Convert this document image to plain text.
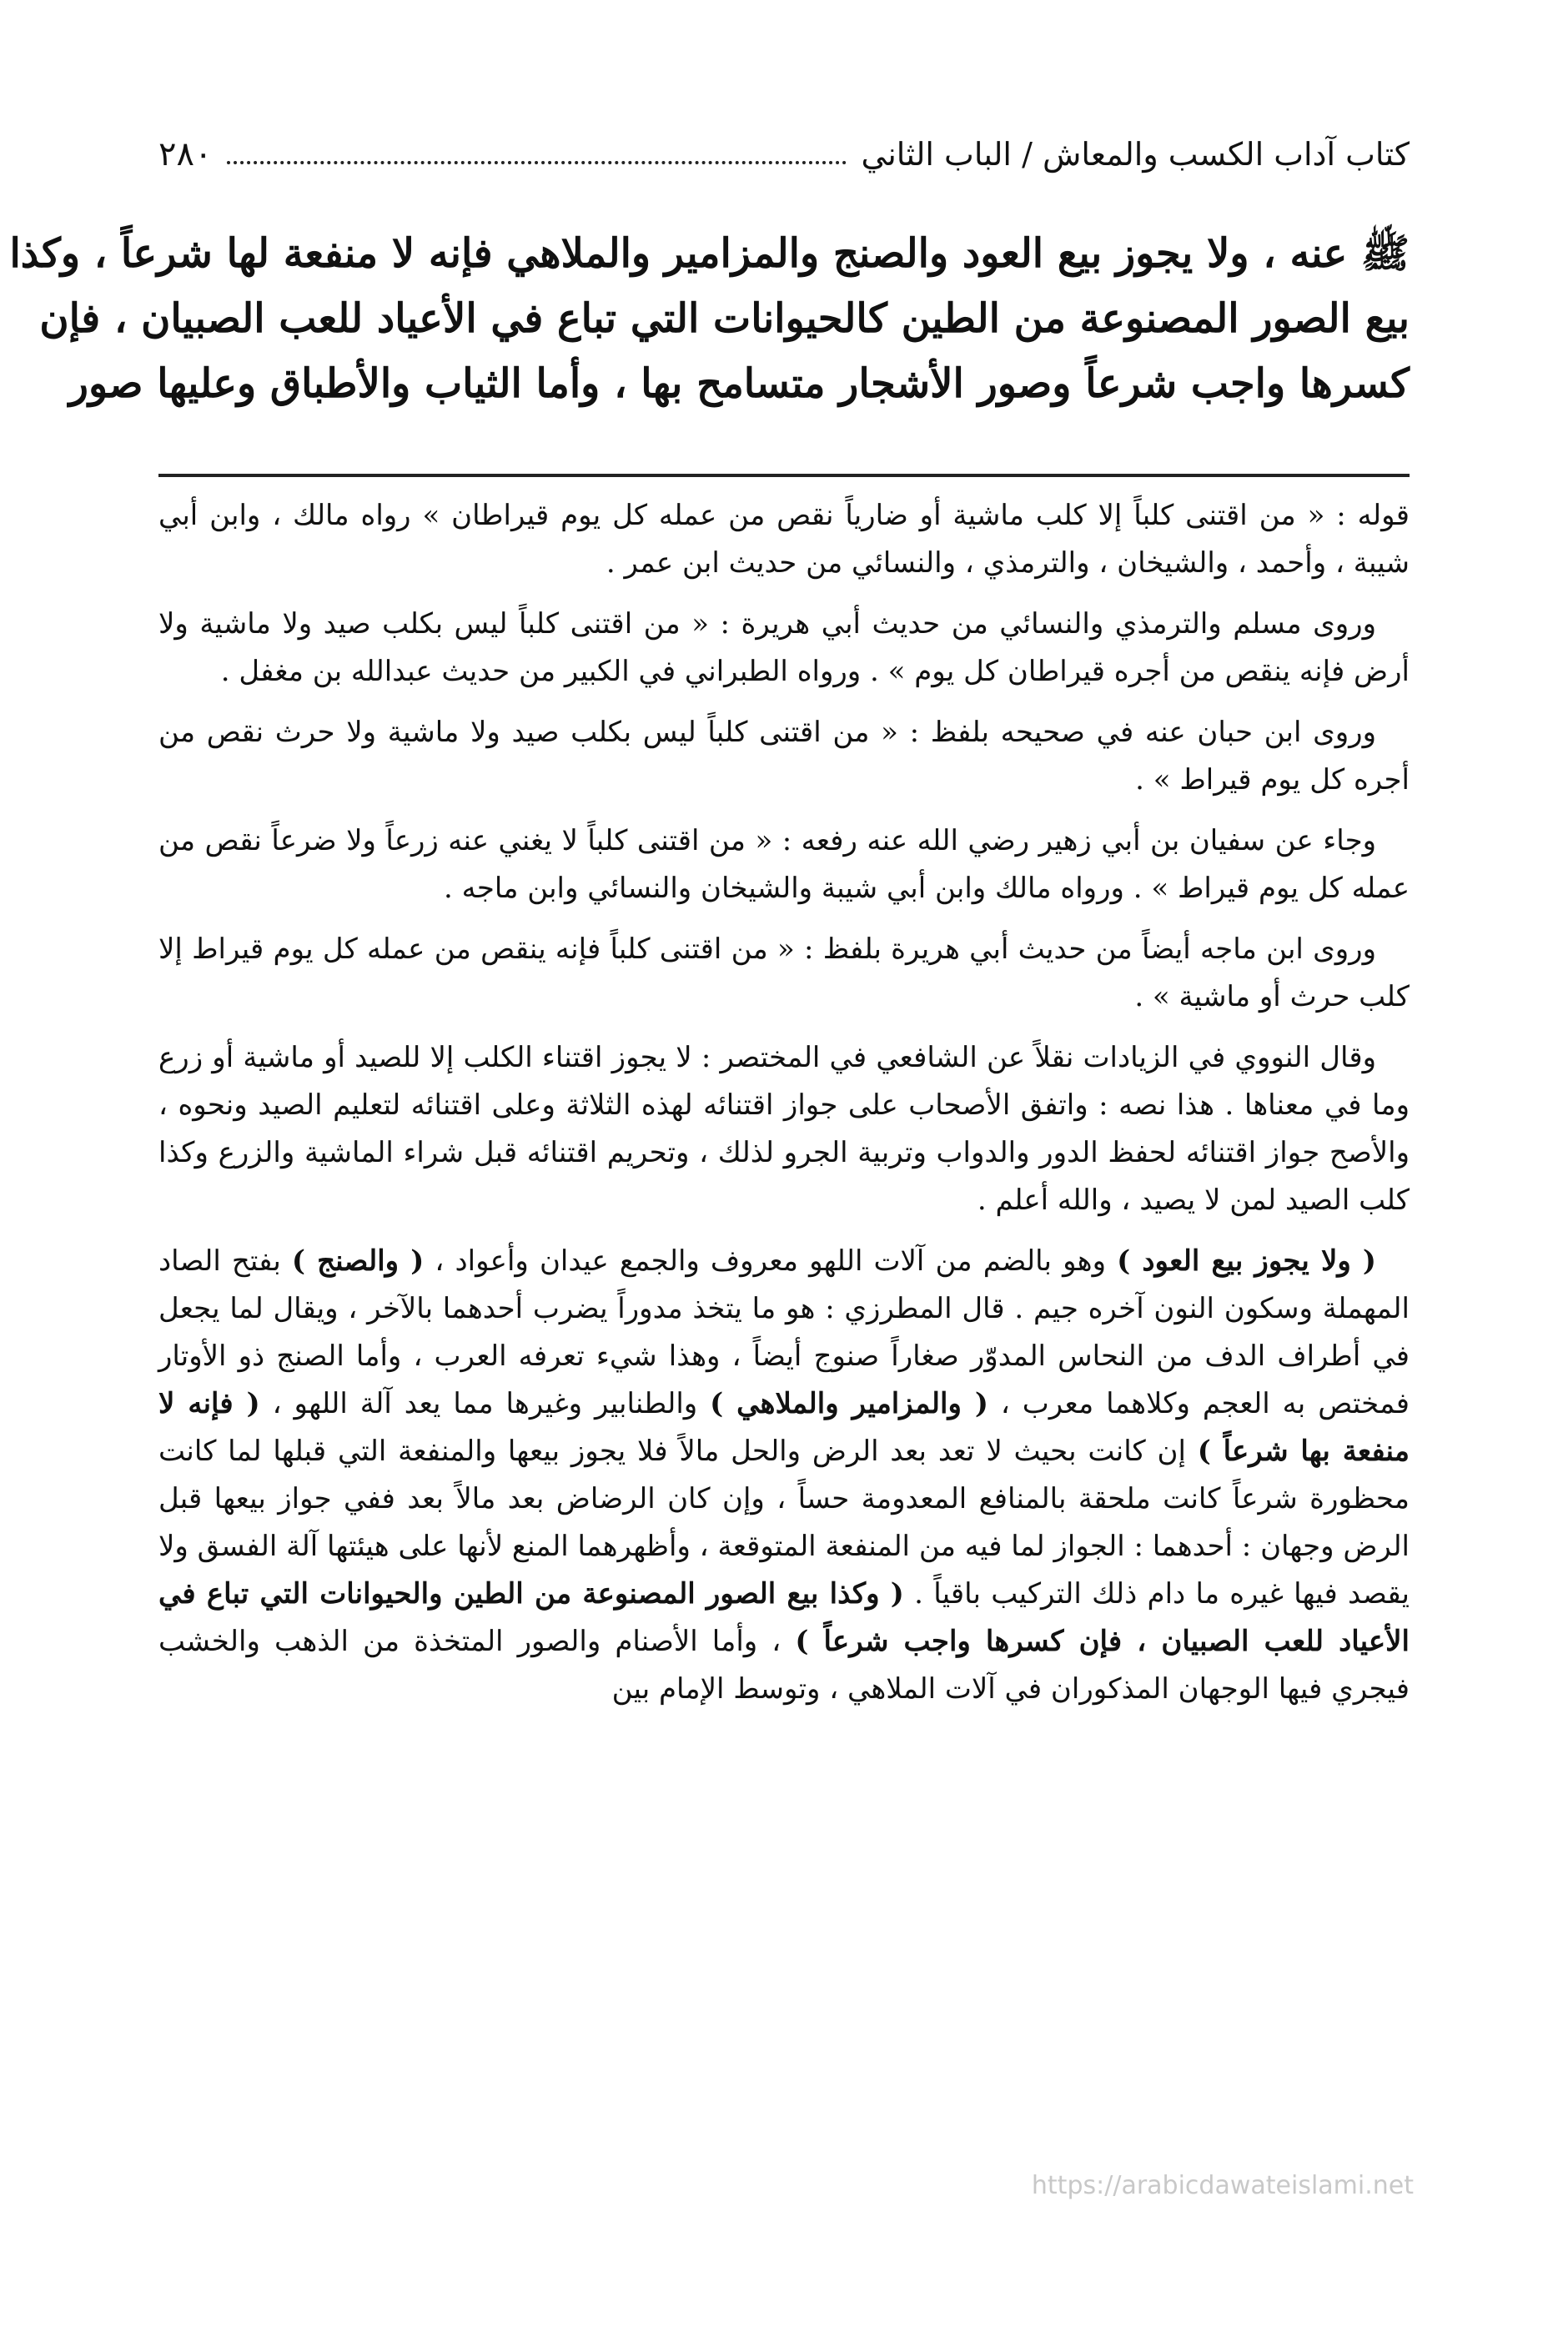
٢٨٠	كتاب آداب الكسب والمعاش / الباب الثاني
ﷺ عنه ، ولا يجوز بيع العود والصنج والمزامير والملاهي فإنه لا منفعة لها شرعاً ، وكذا
بيع الصور المصنوعة من الطين كالحيوانات التي تباع في الأعياد للعب الصبيان ، فإن
كسرها واجب شرعاً وصور الأشجار متسامح بها ، وأما الثياب والأطباق وعليها صور

قوله : « من اقتنى كلباً إلا كلب ماشية أو ضارياً نقص من عمله كل يوم قيراطان » رواه مالك ، وابن أبي شيبة ، وأحمد ، والشيخان ، والترمذي ، والنسائي من حديث ابن عمر .

وروى مسلم والترمذي والنسائي من حديث أبي هريرة : « من اقتنى كلباً ليس بكلب صيد ولا ماشية ولا أرض فإنه ينقص من أجره قيراطان كل يوم » . ورواه الطبراني في الكبير من حديث عبدالله بن مغفل .

وروى ابن حبان عنه في صحيحه بلفظ : « من اقتنى كلباً ليس بكلب صيد ولا ماشية ولا حرث نقص من أجره كل يوم قيراط » .

وجاء عن سفيان بن أبي زهير رضي الله عنه رفعه : « من اقتنى كلباً لا يغني عنه زرعاً ولا ضرعاً نقص من عمله كل يوم قيراط » . ورواه مالك وابن أبي شيبة والشيخان والنسائي وابن ماجه .

وروى ابن ماجه أيضاً من حديث أبي هريرة بلفظ : « من اقتنى كلباً فإنه ينقص من عمله كل يوم قيراط إلا كلب حرث أو ماشية » .

وقال النووي في الزيادات نقلاً عن الشافعي في المختصر : لا يجوز اقتناء الكلب إلا للصيد أو ماشية أو زرع وما في معناها . هذا نصه : واتفق الأصحاب على جواز اقتنائه لهذه الثلاثة وعلى اقتنائه لتعليم الصيد ونحوه ، والأصح جواز اقتنائه لحفظ الدور والدواب وتربية الجرو لذلك ، وتحريم اقتنائه قبل شراء الماشية والزرع وكذا كلب الصيد لمن لا يصيد ، والله أعلم .

( ولا يجوز بيع العود ) وهو بالضم من آلات اللهو معروف والجمع عيدان وأعواد ، ( والصنج ) بفتح الصاد المهملة وسكون النون آخره جيم . قال المطرزي : هو ما يتخذ مدوراً يضرب أحدهما بالآخر ، ويقال لما يجعل في أطراف الدف من النحاس المدوّر صغاراً صنوج أيضاً ، وهذا شيء تعرفه العرب ، وأما الصنج ذو الأوتار فمختص به العجم وكلاهما معرب ، ( والمزامير والملاهي ) والطنابير وغيرها مما يعد آلة اللهو ، ( فإنه لا منفعة بها شرعاً ) إن كانت بحيث لا تعد بعد الرض والحل مالاً فلا يجوز بيعها والمنفعة التي قبلها لما كانت محظورة شرعاً كانت ملحقة بالمنافع المعدومة حساً ، وإن كان الرضاض بعد مالاً بعد ففي جواز بيعها قبل الرض وجهان : أحدهما : الجواز لما فيه من المنفعة المتوقعة ، وأظهرهما المنع لأنها على هيئتها آلة الفسق ولا يقصد فيها غيره ما دام ذلك التركيب باقياً . ( وكذا بيع الصور المصنوعة من الطين والحيوانات التي تباع في الأعياد للعب الصبيان ، فإن كسرها واجب شرعاً ) ، وأما الأصنام والصور المتخذة من الذهب والخشب فيجري فيها الوجهان المذكوران في آلات الملاهي ، وتوسط الإمام بين

https://arabicdawateislami.net
